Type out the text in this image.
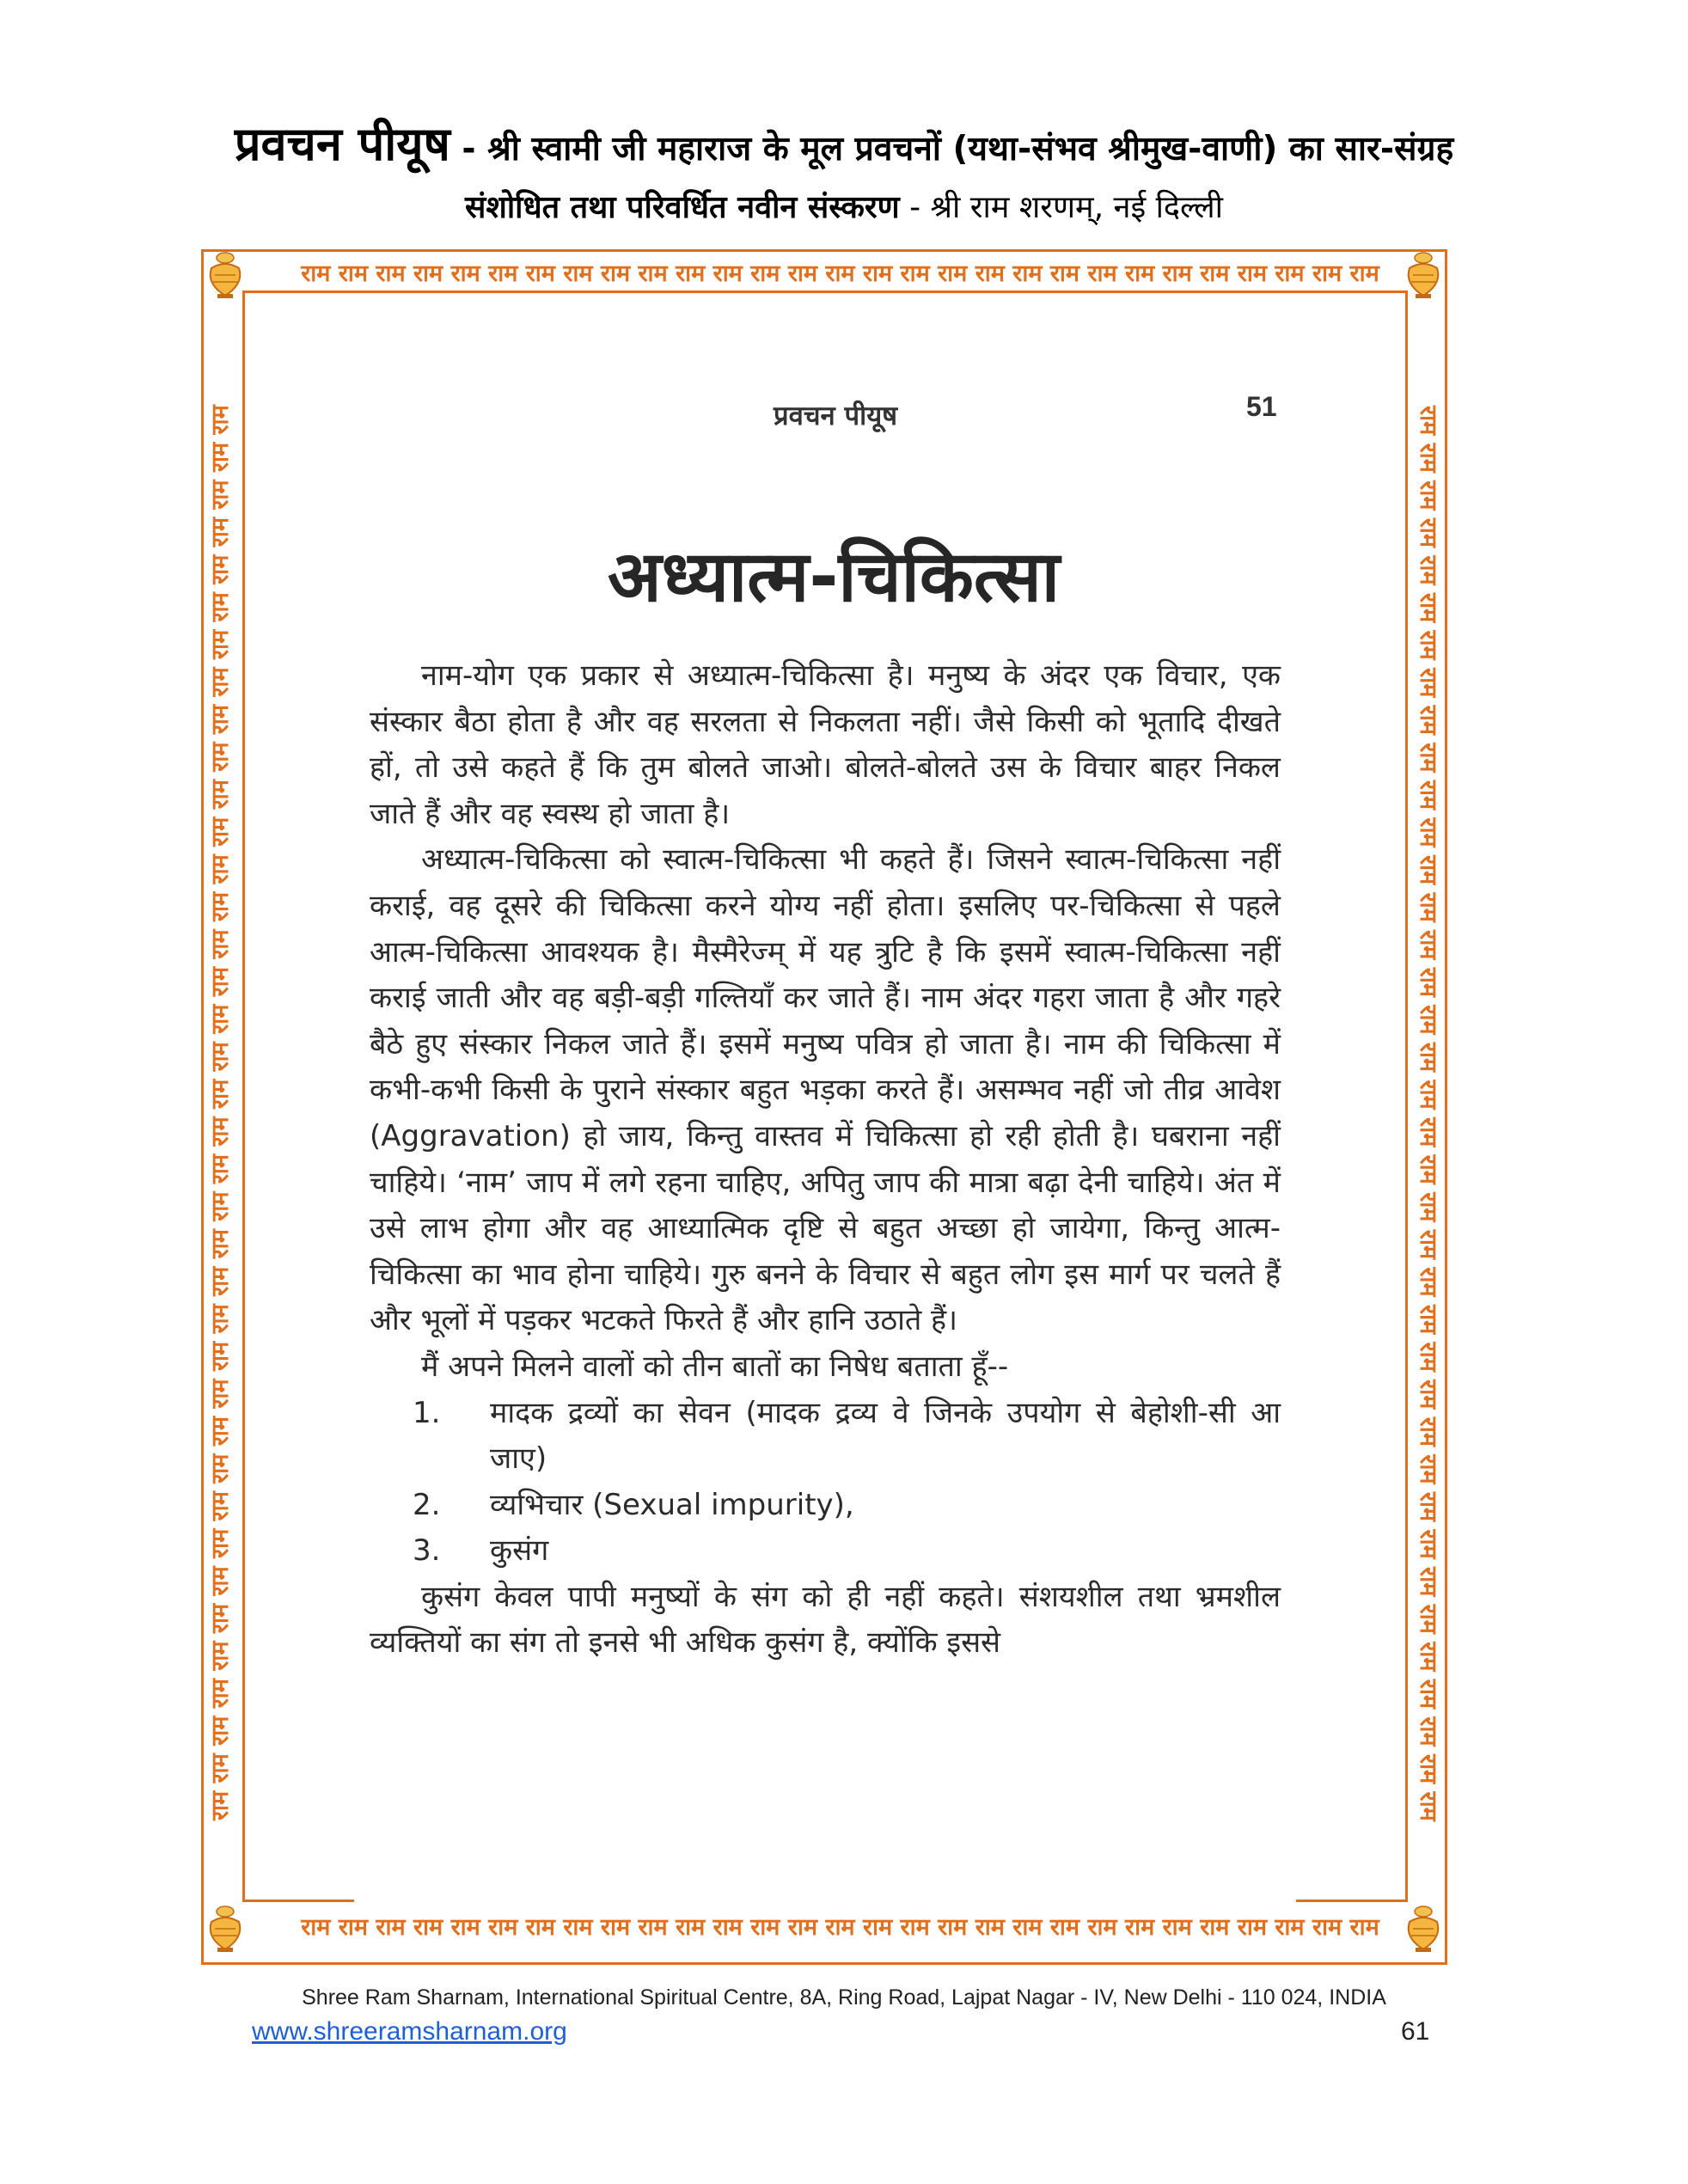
प्रवचन पीयूष - श्री स्वामी जी महाराज के मूल प्रवचनों (यथा-संभव श्रीमुख-वाणी) का सार-संग्रह
संशोधित तथा परिवर्धित नवीन संस्करण - श्री राम शरणम्, नई दिल्ली
राम राम राम राम राम राम राम राम राम राम राम राम राम राम राम राम राम राम राम राम राम राम राम राम राम राम राम राम राम
राम राम राम राम राम राम राम राम राम राम राम राम राम राम राम राम राम राम राम राम राम राम राम राम राम राम राम राम राम
राम राम राम राम राम राम राम राम राम राम राम राम राम राम राम राम राम राम राम राम राम राम राम राम राम राम राम राम राम राम राम राम राम राम राम राम राम राम	राम राम राम राम राम राम राम राम राम राम राम राम राम राम राम राम राम राम राम राम राम राम राम राम राम राम राम राम राम राम राम राम राम राम राम राम राम राम
प्रवचन पीयूष	51
अध्यात्म-चिकित्सा

नाम-योग एक प्रकार से अध्यात्म-चिकित्सा है। मनुष्य के अंदर एक विचार, एक संस्कार बैठा होता है और वह सरलता से निकलता नहीं। जैसे किसी को भूतादि दीखते हों, तो उसे कहते हैं कि तुम बोलते जाओ। बोलते-बोलते उस के विचार बाहर निकल जाते हैं और वह स्वस्थ हो जाता है।

अध्यात्म-चिकित्सा को स्वात्म-चिकित्सा भी कहते हैं। जिसने स्वात्म-चिकित्सा नहीं कराई, वह दूसरे की चिकित्सा करने योग्य नहीं होता। इसलिए पर-चिकित्सा से पहले आत्म-चिकित्सा आवश्यक है। मैस्मैरेज्म् में यह त्रुटि है कि इसमें स्वात्म-चिकित्सा नहीं कराई जाती और वह बड़ी-बड़ी गल्तियाँ कर जाते हैं। नाम अंदर गहरा जाता है और गहरे बैठे हुए संस्कार निकल जाते हैं। इसमें मनुष्य पवित्र हो जाता है। नाम की चिकित्सा में कभी-कभी किसी के पुराने संस्कार बहुत भड़का करते हैं। असम्भव नहीं जो तीव्र आवेश (Aggravation) हो जाय, किन्तु वास्तव में चिकित्सा हो रही होती है। घबराना नहीं चाहिये। ‘नाम’ जाप में लगे रहना चाहिए, अपितु जाप की मात्रा बढ़ा देनी चाहिये। अंत में उसे लाभ होगा और वह आध्यात्मिक दृष्टि से बहुत अच्छा हो जायेगा, किन्तु आत्म-चिकित्सा का भाव होना चाहिये। गुरु बनने के विचार से बहुत लोग इस मार्ग पर चलते हैं और भूलों में पड़कर भटकते फिरते हैं और हानि उठाते हैं।

मैं अपने मिलने वालों को तीन बातों का निषेध बताता हूँ--

1. मादक द्रव्यों का सेवन (मादक द्रव्य वे जिनके उपयोग से बेहोशी-सी आ जाए)
2. व्यभिचार (Sexual impurity),
3. कुसंग

कुसंग केवल पापी मनुष्यों के संग को ही नहीं कहते। संशयशील तथा भ्रमशील व्यक्तियों का संग तो इनसे भी अधिक कुसंग है, क्योंकि इससे

Shree Ram Sharnam, International Spiritual Centre, 8A, Ring Road, Lajpat Nagar - IV, New Delhi - 110 024, INDIA
www.shreeramsharnam.org	61
